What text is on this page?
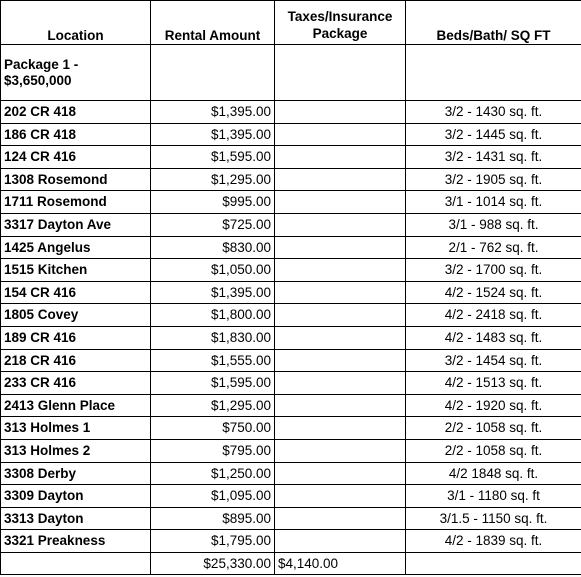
Location	Rental Amount	Taxes/Insurance Package	Beds/Bath/ SQ FT
Package 1 - $3,650,000			
202 CR 418	$1,395.00		3/2 - 1430 sq. ft.
186 CR 418	$1,395.00		3/2 - 1445 sq. ft.
124 CR 416	$1,595.00		3/2 - 1431 sq. ft.
1308 Rosemond	$1,295.00		3/2 - 1905 sq. ft.
1711 Rosemond	$995.00		3/1 - 1014 sq. ft.
3317 Dayton Ave	$725.00		3/1 - 988 sq. ft.
1425 Angelus	$830.00		2/1 - 762 sq. ft.
1515 Kitchen	$1,050.00		3/2 - 1700 sq. ft.
154 CR 416	$1,395.00		4/2 - 1524 sq. ft.
1805 Covey	$1,800.00		4/2 - 2418 sq. ft.
189 CR 416	$1,830.00		4/2 - 1483 sq. ft.
218 CR 416	$1,555.00		3/2 - 1454 sq. ft.
233 CR 416	$1,595.00		4/2 - 1513 sq. ft.
2413 Glenn Place	$1,295.00		4/2 - 1920 sq. ft.
313 Holmes 1	$750.00		2/2 - 1058 sq. ft.
313 Holmes 2	$795.00		2/2 - 1058 sq. ft.
3308 Derby	$1,250.00		4/2 1848 sq. ft.
3309 Dayton	$1,095.00		3/1 - 1180 sq. ft
3313 Dayton	$895.00		3/1.5 - 1150 sq. ft.
3321 Preakness	$1,795.00		4/2 - 1839 sq. ft.
	$25,330.00	$4,140.00	
